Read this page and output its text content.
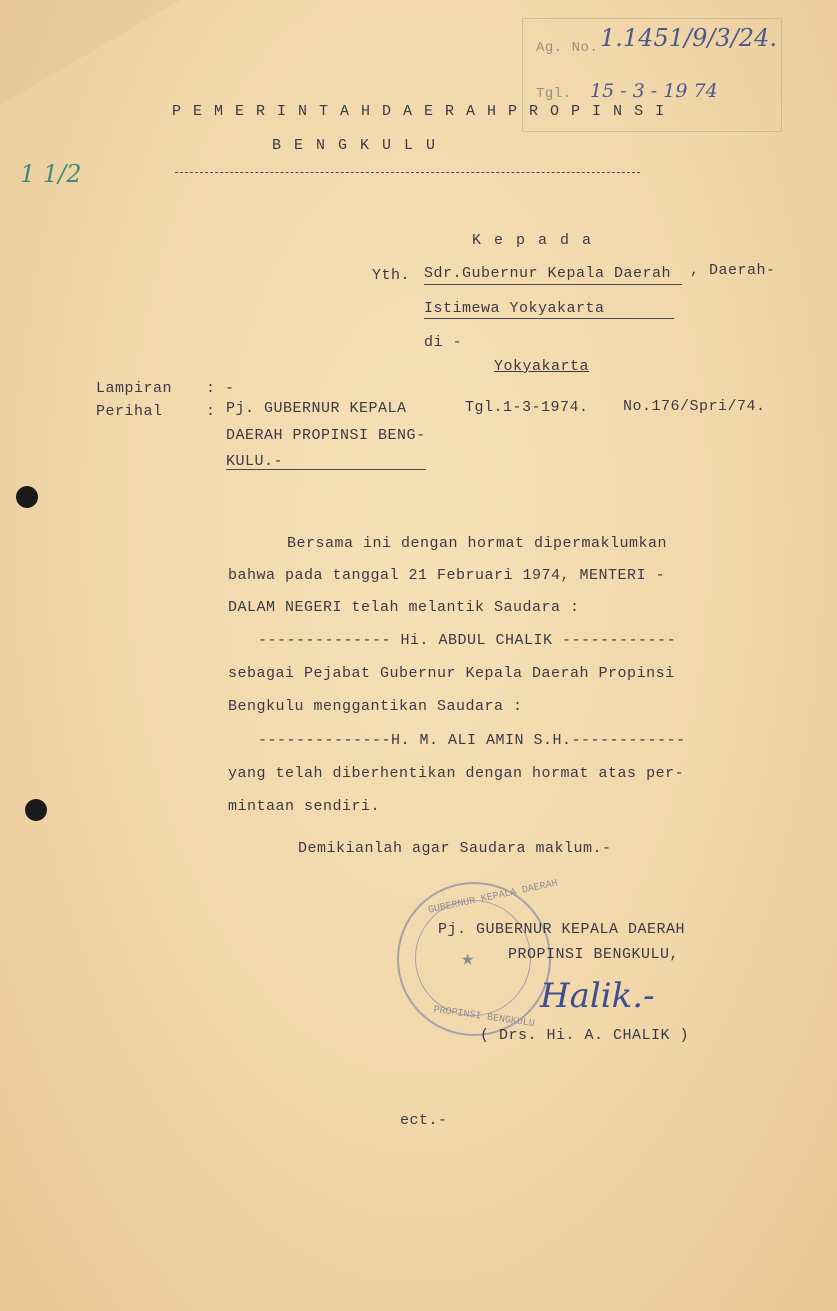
Ag. No. 1.1451/9/3/24.
Tgl. 15 - 3 - 19 74
1 1/2
P E M E R I N T A H D A E R A H P R O P I N S I
B E N G K U L U
K e p a d a
Yth. Sdr.Gubernur Kepala Daerah , Daerah-
Istimewa Yokyakarta
di -
Yokyakarta
Lampiran : -
Perihal	: Pj. GUBERNUR KEPALA
DAERAH PROPINSI BENG-
KULU.-
Tgl.1-3-1974. No.176/Spri/74.
Bersama ini dengan hormat dipermaklumkan
bahwa pada tanggal 21 Februari 1974, MENTERI -
DALAM NEGERI telah melantik Saudara :
-------------- Hi. ABDUL CHALIK ------------
sebagai Pejabat Gubernur Kepala Daerah Propinsi
Bengkulu menggantikan Saudara :
--------------H. M. ALI AMIN S.H.------------
yang telah diberhentikan dengan hormat atas per-
mintaan sendiri.
Demikianlah agar Saudara maklum.-
GUBERNUR KEPALA DAERAH
PROPINSI BENGKULU
★
Pj. GUBERNUR KEPALA DAERAH
PROPINSI BENGKULU,
Halik.-
( Drs. Hi. A. CHALIK )
ect.-
